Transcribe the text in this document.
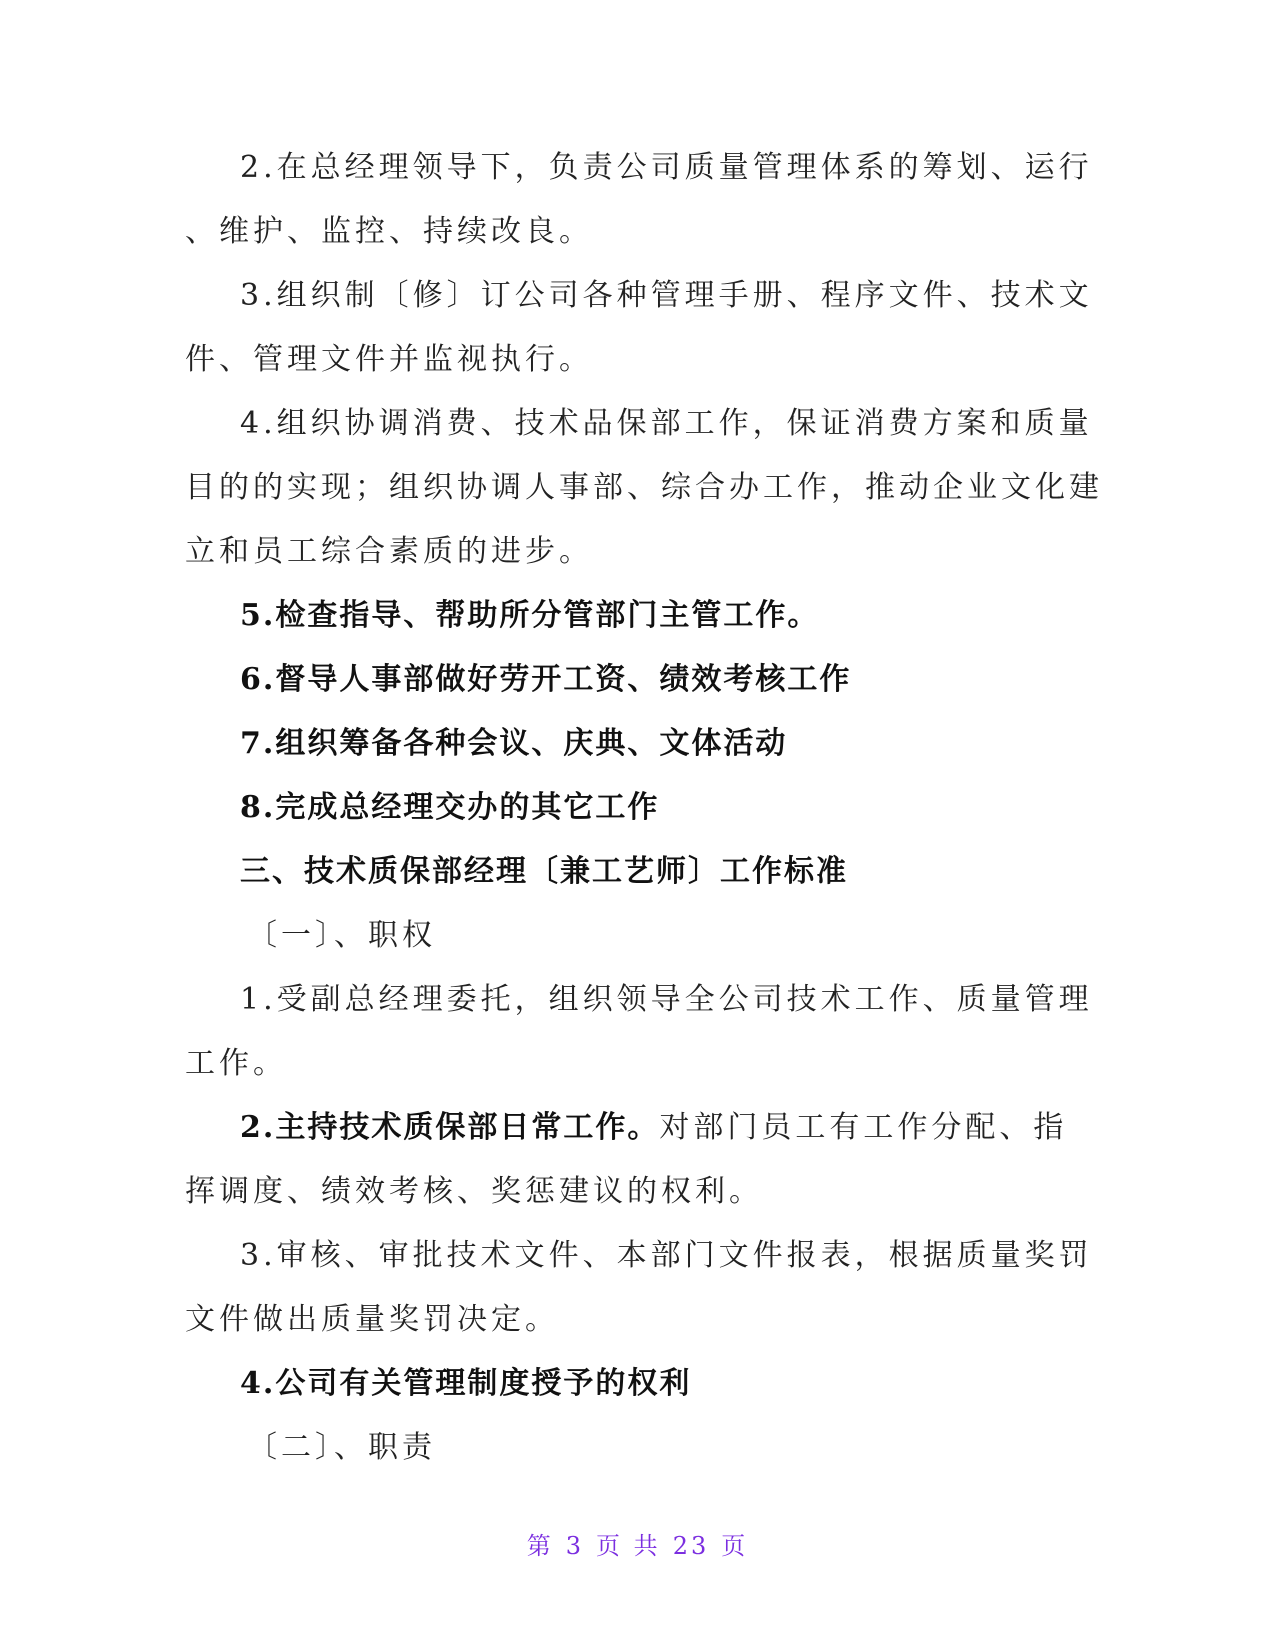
2.在总经理领导下，负责公司质量管理体系的筹划、运行
、维护、监控、持续改良。
3.组织制〔修〕订公司各种管理手册、程序文件、技术文
件、管理文件并监视执行。
4.组织协调消费、技术品保部工作，保证消费方案和质量
目的的实现；组织协调人事部、综合办工作，推动企业文化建
立和员工综合素质的进步。
5.检查指导、帮助所分管部门主管工作。
6.督导人事部做好劳开工资、绩效考核工作
7.组织筹备各种会议、庆典、文体活动
8.完成总经理交办的其它工作
三、技术质保部经理〔兼工艺师〕工作标准
〔一〕、职权
1.受副总经理委托，组织领导全公司技术工作、质量管理
工作。
2.主持技术质保部日常工作。对部门员工有工作分配、指
挥调度、绩效考核、奖惩建议的权利。
3.审核、审批技术文件、本部门文件报表，根据质量奖罚
文件做出质量奖罚决定。
4.公司有关管理制度授予的权利
〔二〕、职责
第 3 页 共 23 页
